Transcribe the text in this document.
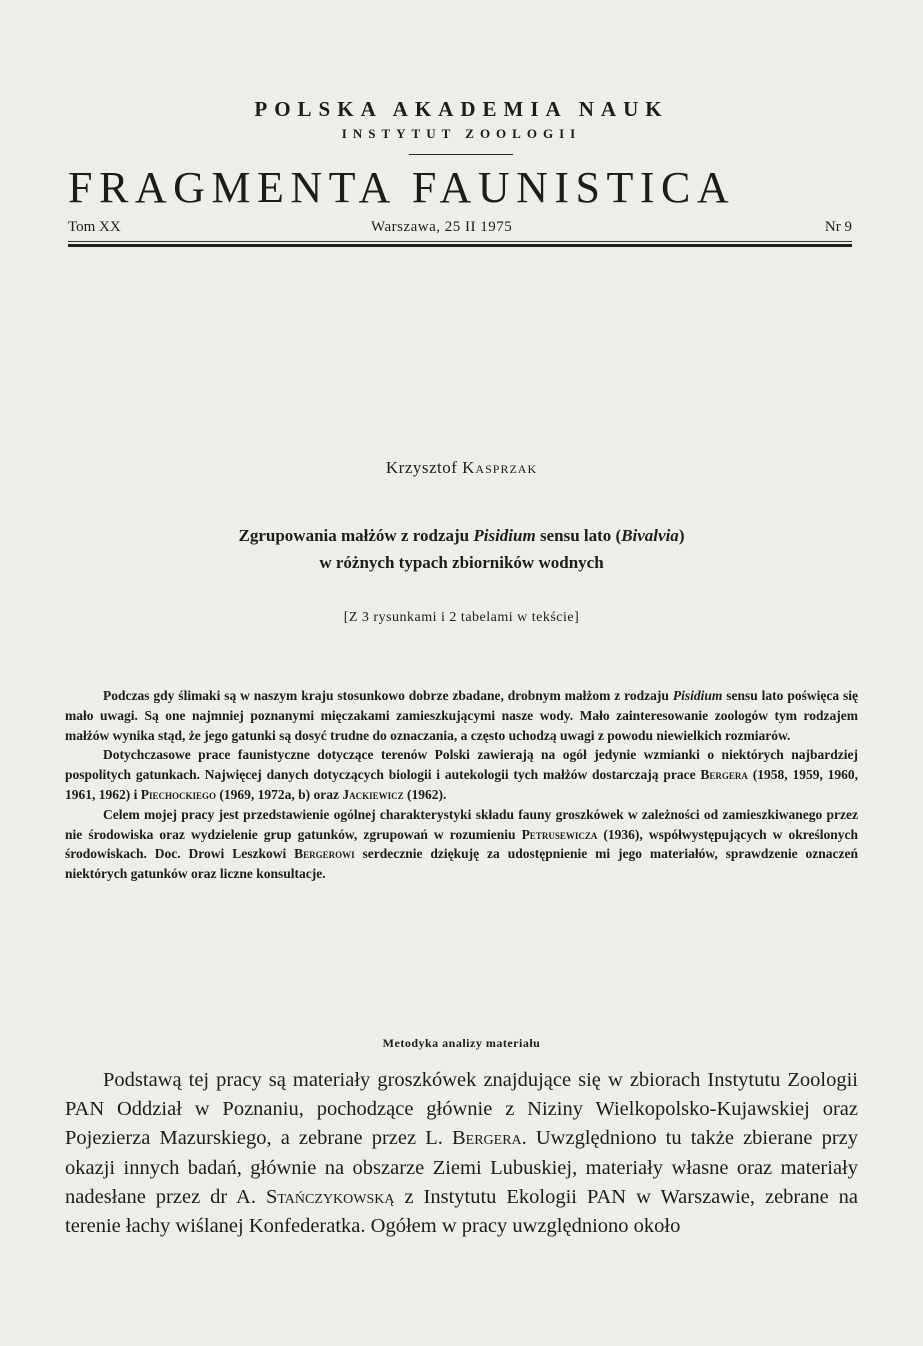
POLSKA AKADEMIA NAUK
INSTYTUT ZOOLOGII
FRAGMENTA FAUNISTICA
Tom XX	Warszawa, 25 II 1975	Nr 9
Krzysztof Kasprzak
Zgrupowania małżów z rodzaju Pisidium sensu lato (Bivalvia)
w różnych typach zbiorników wodnych
[Z 3 rysunkami i 2 tabelami w tekście]

Podczas gdy ślimaki są w naszym kraju stosunkowo dobrze zbadane, drobnym małżom z rodzaju Pisidium sensu lato poświęca się mało uwagi. Są one najmniej poznanymi mięczakami zamieszkującymi nasze wody. Mało zainteresowanie zoologów tym rodzajem małżów wynika stąd, że jego gatunki są dosyć trudne do oznaczania, a często uchodzą uwagi z powodu niewielkich rozmiarów.

Dotychczasowe prace faunistyczne dotyczące terenów Polski zawierają na ogół jedynie wzmianki o niektórych najbardziej pospolitych gatunkach. Najwięcej danych dotyczących biologii i autekologii tych małżów dostarczają prace Bergera (1958, 1959, 1960, 1961, 1962) i Piechockiego (1969, 1972a, b) oraz Jackiewicz (1962).

Celem mojej pracy jest przedstawienie ogólnej charakterystyki składu fauny groszkówek w zależności od zamieszkiwanego przez nie środowiska oraz wydzielenie grup gatunków, zgrupowań w rozumieniu Petrusewicza (1936), współwystępujących w określonych środowiskach. Doc. Drowi Leszkowi Bergerowi serdecznie dziękuję za udostępnienie mi jego materiałów, sprawdzenie oznaczeń niektórych gatunków oraz liczne konsultacje.

Metodyka analizy materiału

Podstawą tej pracy są materiały groszkówek znajdujące się w zbiorach Instytutu Zoologii PAN Oddział w Poznaniu, pochodzące głównie z Niziny Wielkopolsko-Kujawskiej oraz Pojezierza Mazurskiego, a zebrane przez L. Bergera. Uwzględniono tu także zbierane przy okazji innych badań, głównie na obszarze Ziemi Lubuskiej, materiały własne oraz materiały nadesłane przez dr A. Stańczykowską z Instytutu Ekologii PAN w Warszawie, zebrane na terenie łachy wiślanej Konfederatka. Ogółem w pracy uwzględniono około
